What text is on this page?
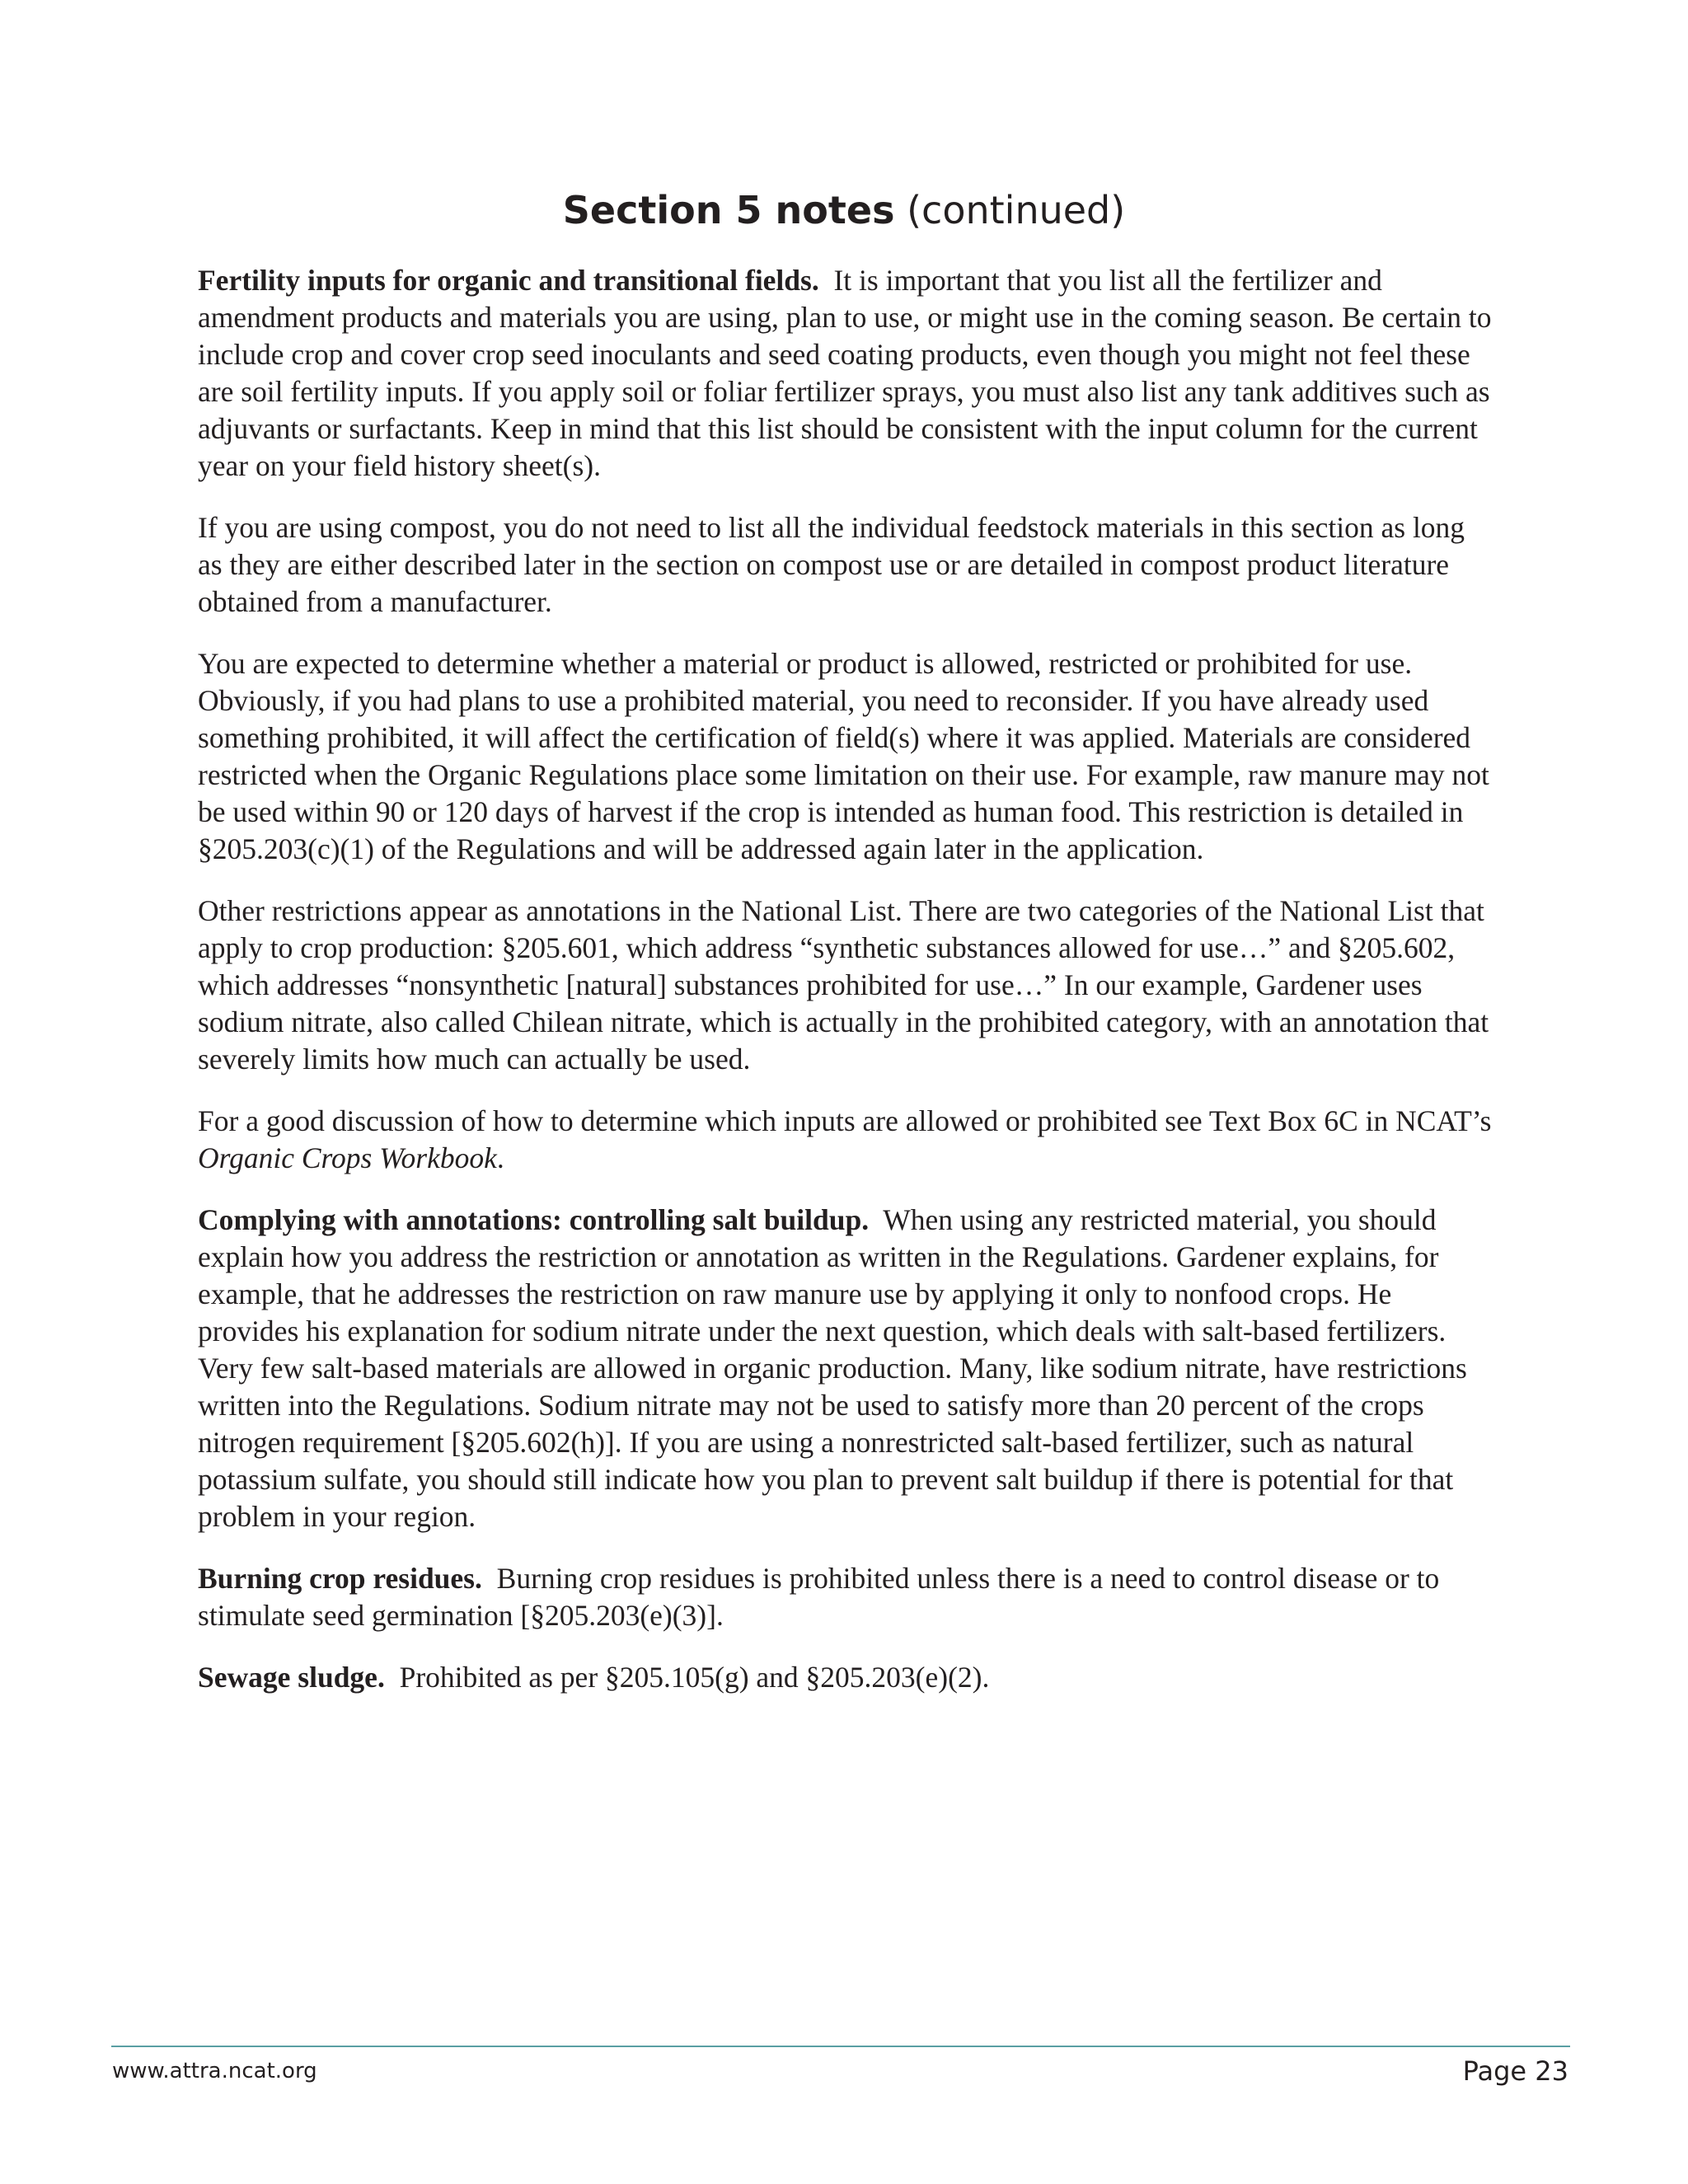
Section 5 notes (continued)

Fertility inputs for organic and transitional fields. It is important that you list all the fertilizer and amendment products and materials you are using, plan to use, or might use in the coming season. Be certain to include crop and cover crop seed inoculants and seed coating products, even though you might not feel these are soil fertility inputs. If you apply soil or foliar fertilizer sprays, you must also list any tank additives such as adjuvants or surfactants. Keep in mind that this list should be consistent with the input column for the current year on your field history sheet(s).

If you are using compost, you do not need to list all the individual feedstock materials in this section as long as they are either described later in the section on compost use or are detailed in compost product literature obtained from a manufacturer.

You are expected to determine whether a material or product is allowed, restricted or prohibited for use. Obviously, if you had plans to use a prohibited material, you need to reconsider. If you have already used something prohibited, it will affect the certification of field(s) where it was applied. Materials are considered restricted when the Organic Regulations place some limitation on their use. For example, raw manure may not be used within 90 or 120 days of harvest if the crop is intended as human food. This restriction is detailed in §205.203(c)(1) of the Regulations and will be addressed again later in the application.

Other restrictions appear as annotations in the National List. There are two categories of the National List that apply to crop production: §205.601, which address “synthetic substances allowed for use…” and §205.602, which addresses “nonsynthetic [natural] substances prohibited for use…” In our example, Gardener uses sodium nitrate, also called Chilean nitrate, which is actually in the prohibited category, with an annotation that severely limits how much can actually be used.

For a good discussion of how to determine which inputs are allowed or prohibited see Text Box 6C in NCAT’s Organic Crops Workbook.

Complying with annotations: controlling salt buildup. When using any restricted material, you should explain how you address the restriction or annotation as written in the Regulations. Gardener explains, for example, that he addresses the restriction on raw manure use by applying it only to nonfood crops. He provides his explanation for sodium nitrate under the next question, which deals with salt-based fertilizers. Very few salt-based materials are allowed in organic production. Many, like sodium nitrate, have restrictions written into the Regulations. Sodium nitrate may not be used to satisfy more than 20 percent of the crops nitrogen requirement [§205.602(h)]. If you are using a nonrestricted salt-based fertilizer, such as natural potassium sulfate, you should still indicate how you plan to prevent salt buildup if there is potential for that problem in your region.

Burning crop residues. Burning crop residues is prohibited unless there is a need to control disease or to stimulate seed germination [§205.203(e)(3)].

Sewage sludge. Prohibited as per §205.105(g) and §205.203(e)(2).

www.attra.ncat.org	Page 23
